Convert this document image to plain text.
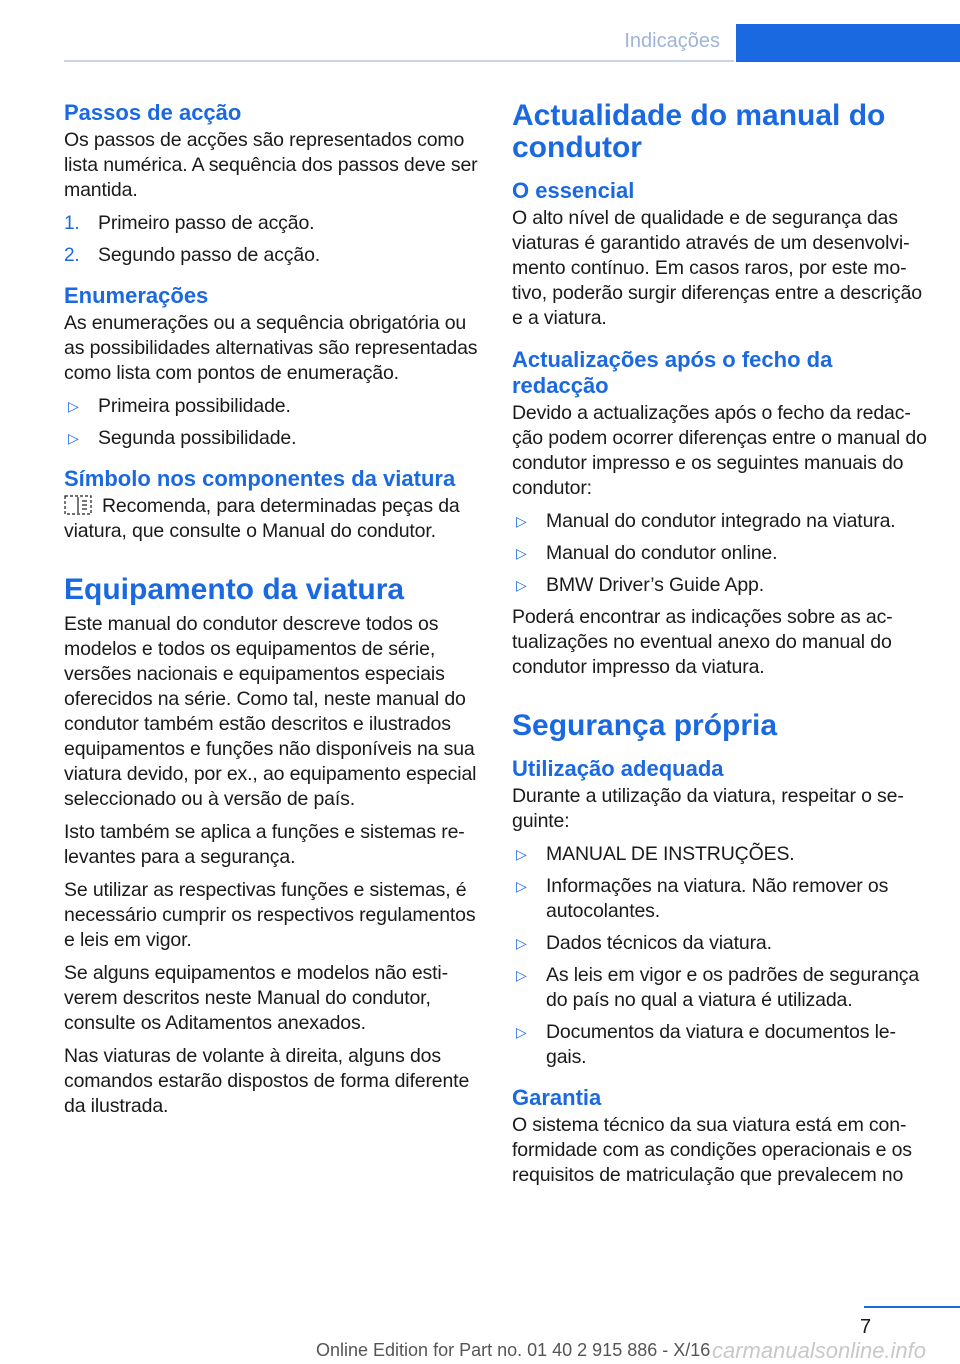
Indicações
Passos de acção
Os passos de acções são representados como lista numérica. A sequência dos passos deve ser mantida.
1. Primeiro passo de acção.
2. Segundo passo de acção.
Enumerações
As enumerações ou a sequência obrigatória ou as possibilidades alternativas são representadas como lista com pontos de enumeração.
▷ Primeira possibilidade.
▷ Segunda possibilidade.
Símbolo nos componentes da viatura
Recomenda, para determinadas peças da viatura, que consulte o Manual do condutor.
Equipamento da viatura
Este manual do condutor descreve todos os modelos e todos os equipamentos de série, versões nacionais e equipamentos especiais oferecidos na série. Como tal, neste manual do condutor também estão descritos e ilustrados equipamentos e funções não disponíveis na sua viatura devido, por ex., ao equipamento especial seleccionado ou à versão de país.
Isto também se aplica a funções e sistemas relevantes para a segurança.
Se utilizar as respectivas funções e sistemas, é necessário cumprir os respectivos regulamentos e leis em vigor.
Se alguns equipamentos e modelos não estiverem descritos neste Manual do condutor, consulte os Aditamentos anexados.
Nas viaturas de volante à direita, alguns dos comandos estarão dispostos de forma diferente da ilustrada.
Actualidade do manual do condutor
O essencial
O alto nível de qualidade e de segurança das viaturas é garantido através de um desenvolvimento contínuo. Em casos raros, por este motivo, poderão surgir diferenças entre a descrição e a viatura.
Actualizações após o fecho da redacção
Devido a actualizações após o fecho da redacção podem ocorrer diferenças entre o manual do condutor impresso e os seguintes manuais do condutor:
▷ Manual do condutor integrado na viatura.
▷ Manual do condutor online.
▷ BMW Driver’s Guide App.
Poderá encontrar as indicações sobre as actualizações no eventual anexo do manual do condutor impresso da viatura.
Segurança própria
Utilização adequada
Durante a utilização da viatura, respeitar o seguinte:
▷ MANUAL DE INSTRUÇÕES.
▷ Informações na viatura. Não remover os autocolantes.
▷ Dados técnicos da viatura.
▷ As leis em vigor e os padrões de segurança do país no qual a viatura é utilizada.
▷ Documentos da viatura e documentos legais.
Garantia
O sistema técnico da sua viatura está em conformidade com as condições operacionais e os requisitos de matriculação que prevalecem no
7
Online Edition for Part no. 01 40 2 915 886 - X/16 carmanualsonline.info
